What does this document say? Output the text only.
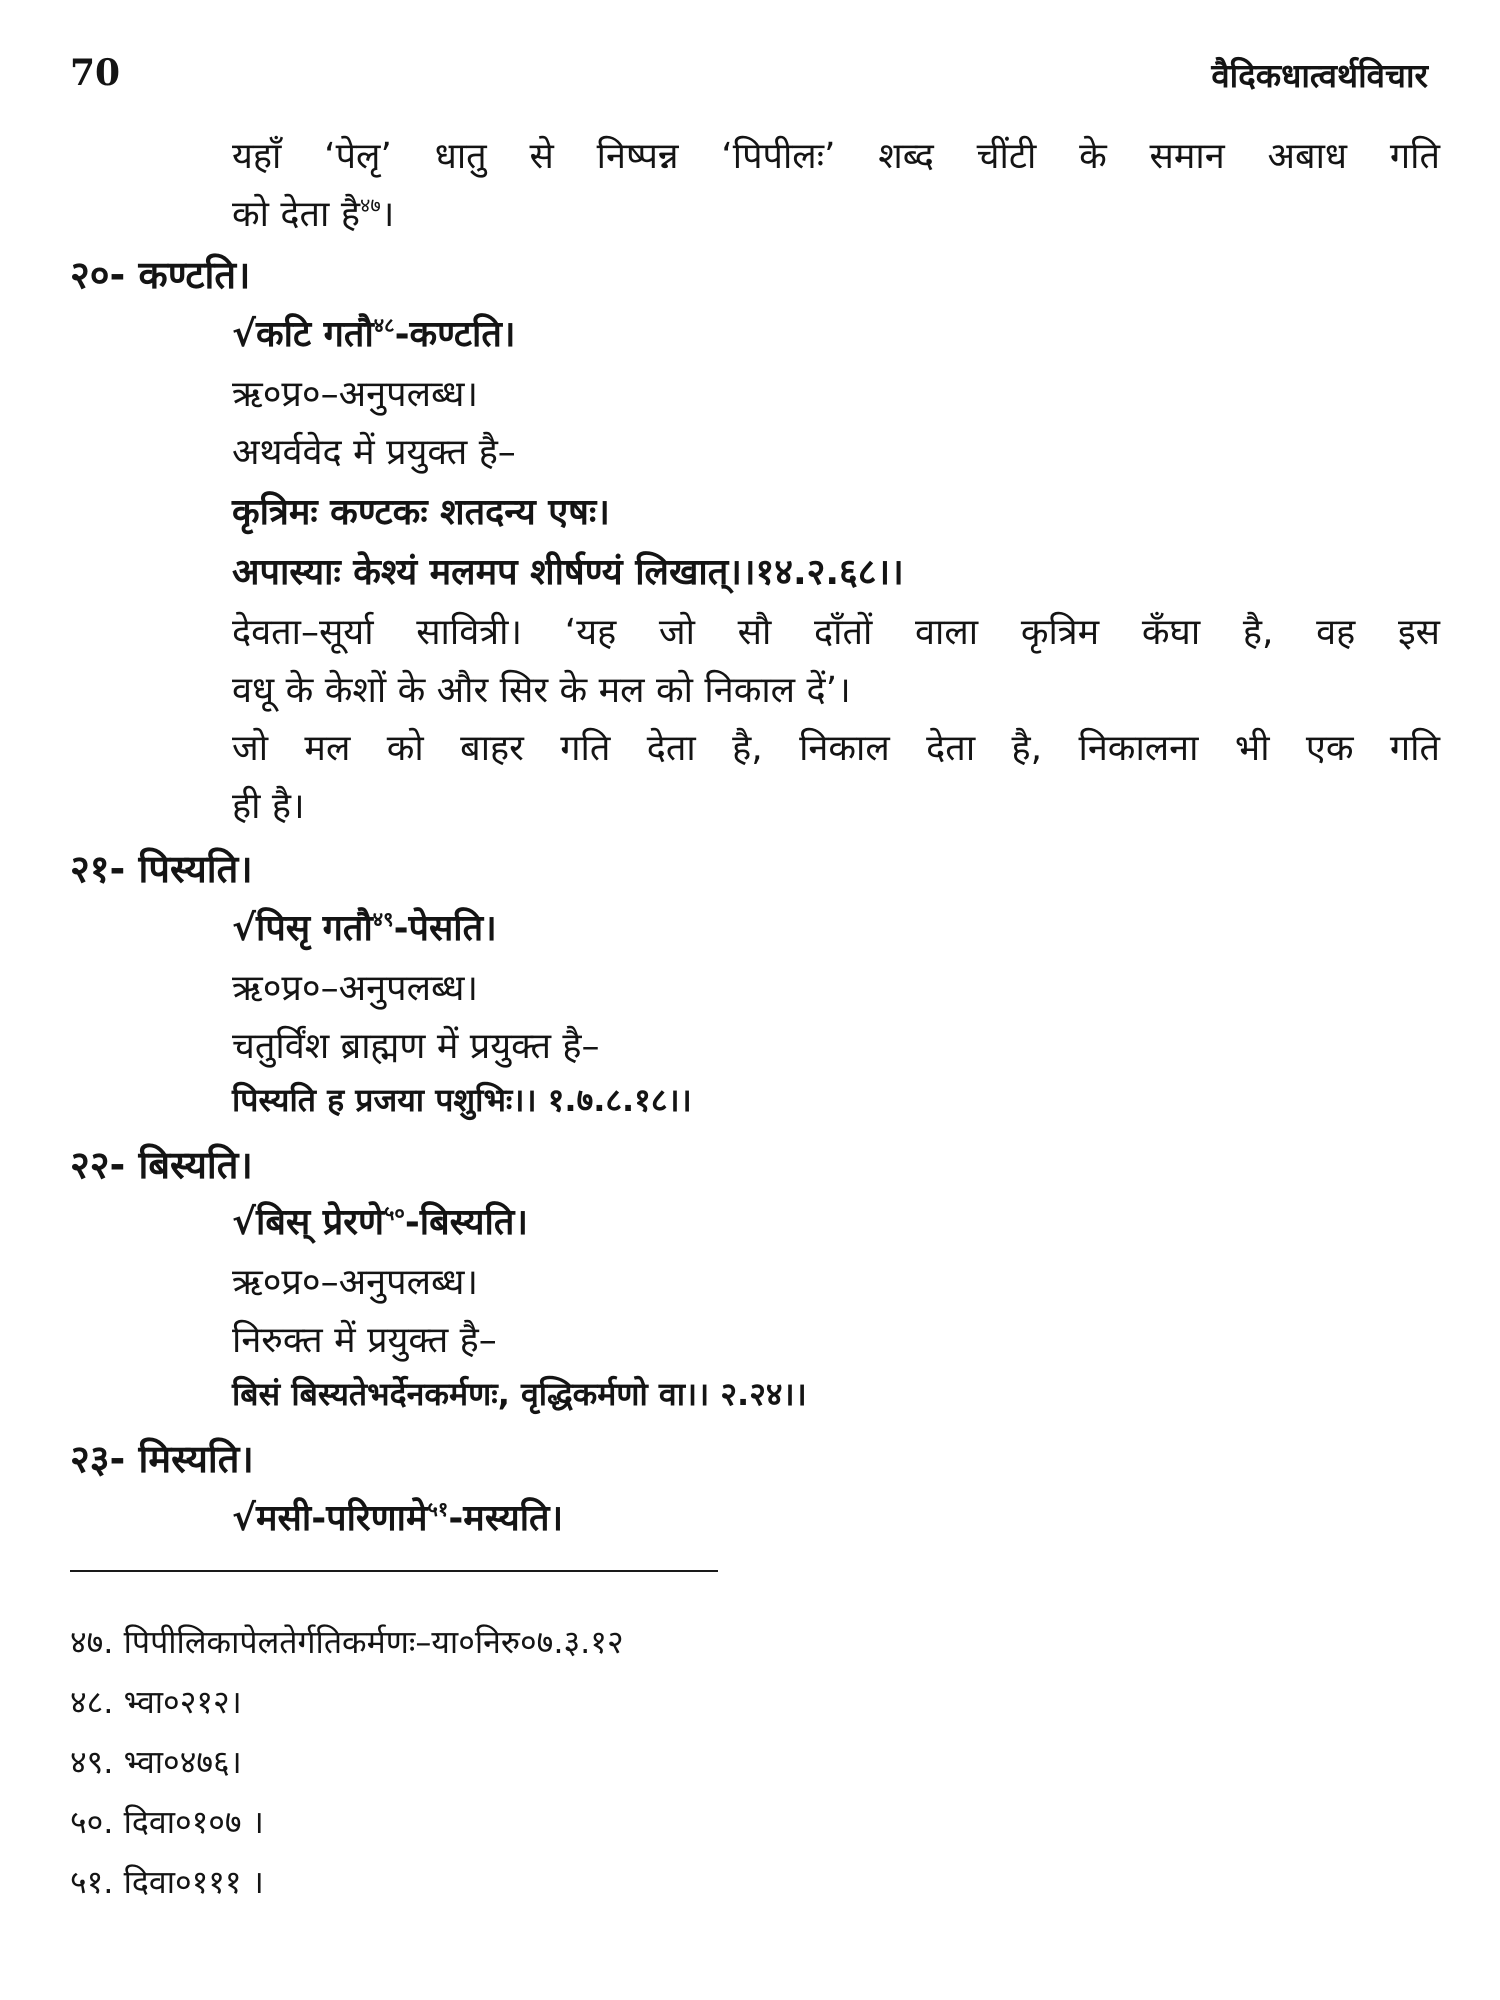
70	वैदिकधात्वर्थविचार
यहाँ ‘पेलृ’ धातु से निष्पन्न ‘पिपीलः’ शब्द चींटी के समान अबाध गति
को देता है$^{४७}$।
२०- कण्टति।
√कटि गतौ$^{४८}$-कण्टति।
ऋ०प्र०–अनुपलब्ध।
अथर्ववेद में प्रयुक्त है–
कृत्रिमः कण्टकः शतदन्य एषः।
अपास्याः केश्यं मलमप शीर्षण्यं लिखात्।।१४.२.६८।।
देवता–सूर्या सावित्री। ‘यह जो सौ दाँतों वाला कृत्रिम कँघा है, वह इस
वधू के केशों के और सिर के मल को निकाल दें’।
जो मल को बाहर गति देता है, निकाल देता है, निकालना भी एक गति
ही है।
२१- पिस्यति।
√पिसृ गतौ$^{४९}$-पेसति।
ऋ०प्र०–अनुपलब्ध।
चतुर्विंश ब्राह्मण में प्रयुक्त है–
पिस्यति ह प्रजया पशुभिः।। १.७.८.१८।।
२२- बिस्यति।
√बिस् प्रेरणे$^{५०}$-बिस्यति।
ऋ०प्र०–अनुपलब्ध।
निरुक्त में प्रयुक्त है–
बिसं बिस्यतेभर्देनकर्मणः, वृद्धिकर्मणो वा।। २.२४।।
२३- मिस्यति।
√मसी-परिणामे$^{५१}$-मस्यति।
४७. पिपीलिकापेलतेर्गतिकर्मणः–या०निरु०७.३.१२
४८. भ्वा०२१२।
४९. भ्वा०४७६।
५०. दिवा०१०७ ।
५१. दिवा०१११ ।
